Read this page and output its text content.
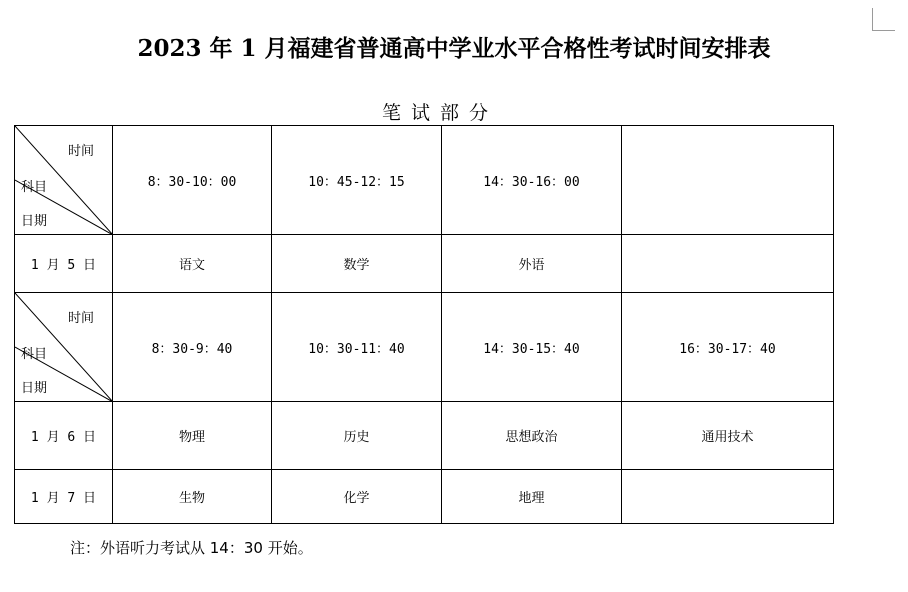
2023 年 1 月福建省普通高中学业水平合格性考试时间安排表
笔试部分
时间
科目
日期	8：30-10：00	10：45-12：15	14：30-16：00	
1 月 5 日	语文	数学	外语	

时间
科目
日期	8：30-9：40	10：30-11：40	14：30-15：40	16：30-17：40
1 月 6 日	物理	历史	思想政治	通用技术
1 月 7 日	生物	化学	地理	
注：外语听力考试从 14：30 开始。
